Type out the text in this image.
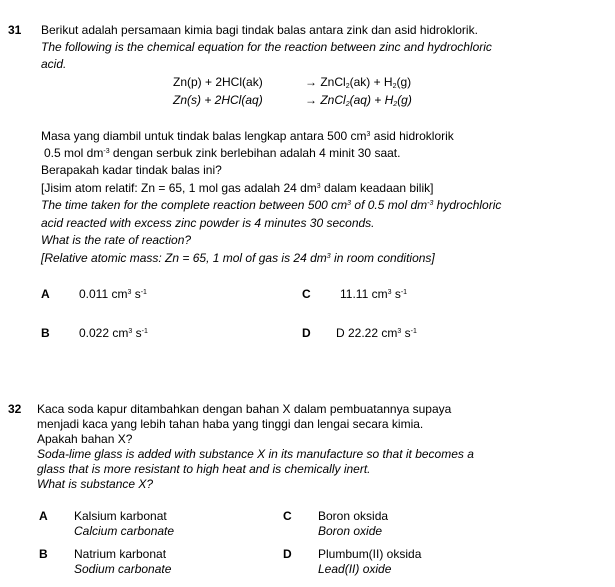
31 Berikut adalah persamaan kimia bagi tindak balas antara zink dan asid hidroklorik.
The following is the chemical equation for the reaction between zinc and hydrochloric
acid.
Zn(p) + 2HCl(ak)	→ ZnCl$_2$(ak) + $H_2(g)$
Zn(s) + 2HCl(aq)	→ ZnCl$_2$(aq) + $H_2(g)$
Masa yang diambil untuk tindak balas lengkap antara 500 $cm^3$ asid hidroklorik
0.5 mol $dm^{-3}$ dengan serbuk zink berlebihan adalah 4 minit 30 saat.
Berapakah kadar tindak balas ini?
[Jisim atom relatif: Zn = 65, 1 mol gas adalah 24 $dm^3$ dalam keadaan bilik]
The time taken for the complete reaction between 500 $cm^3$ of 0.5 mol $dm^{-3}$ hydrochloric
acid reacted with excess zinc powder is 4 minutes 30 seconds.
What is the rate of reaction?
[Relative atomic mass: Zn = 65, 1 mol of gas is 24 $dm^3$ in room conditions]
A 0.011 $cm^3$ $s^{-1}$	C 11.11 $cm^3$ $s^{-1}$
B 0.022 $cm^3$ $s^{-1}$	D D 22.22 $cm^3$ $s^{-1}$
32 Kaca soda kapur ditambahkan dengan bahan X dalam pembuatannya supaya
menjadi kaca yang lebih tahan haba yang tinggi dan lengai secara kimia.
Apakah bahan X?
Soda-lime glass is added with substance X in its manufacture so that it becomes a
glass that is more resistant to high heat and is chemically inert.
What is substance X?
A Kalsium karbonat
Calcium carbonate
C Boron oksida
Boron oxide
B Natrium karbonat
Sodium carbonate
D Plumbum(II) oksida
Lead(II) oxide
